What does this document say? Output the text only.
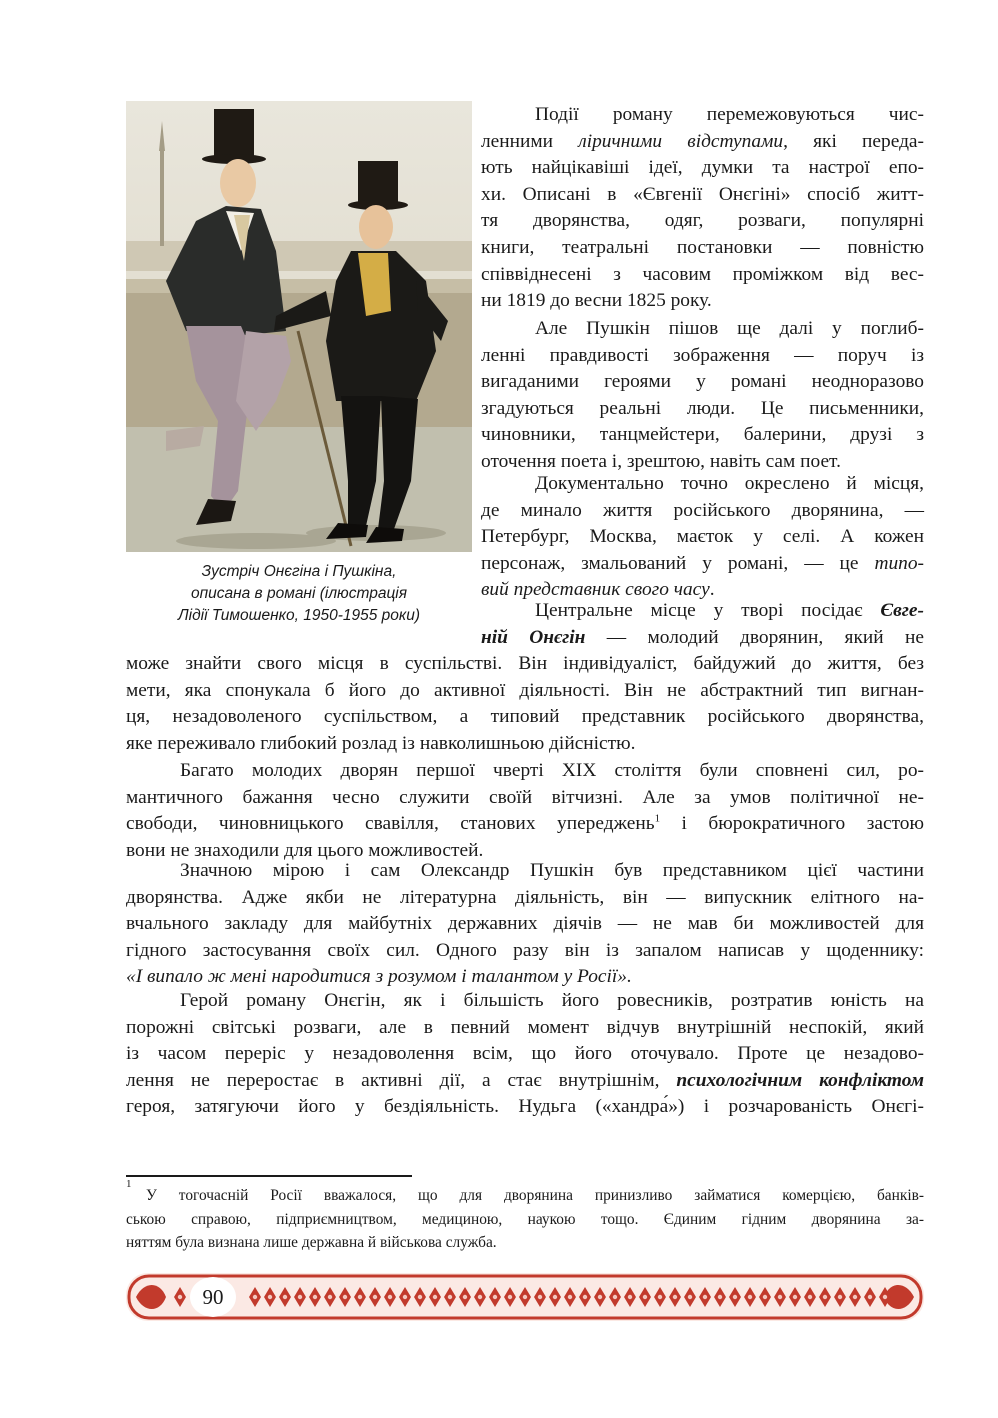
Зустріч Онєгіна і Пушкіна,
описана в романі (ілюстрація
Лідії Тимошенко, 1950-1955 роки)
Події роману перемежовуються чис-
ленними ліричними відступами, які переда-
ють найцікавіші ідеї, думки та настрої епо-
хи. Описані в «Євгенії Онєгіні» спосіб житт-
тя дворянства, одяг, розваги, популярні
книги, театральні постановки — повністю
співвіднесені з часовим проміжком від вес-
ни 1819 до весни 1825 року.
Але Пушкін пішов ще далі у поглиб-
ленні правдивості зображення — поруч із
вигаданими героями у романі неодноразово
згадуються реальні люди. Це письменники,
чиновники, танцмейстери, балерини, друзі з
оточення поета і, зрештою, навіть сам поет.
Документально точно окреслено й місця,
де минало життя російського дворянина, —
Петербург, Москва, маєток у селі. А кожен
персонаж, змальований у романі, — це типо-
вий представник свого часу.
Центральне місце у творі посідає Євге-
ній Онєгін — молодий дворянин, який не
може знайти свого місця в суспільстві. Він індивідуаліст, байдужий до життя, без
мети, яка спонукала б його до активної діяльності. Він не абстрактний тип вигнан-
ця, незадоволеного суспільством, а типовий представник російського дворянства,
яке переживало глибокий розлад із навколишньою дійсністю.
Багато молодих дворян першої чверті XIX століття були сповнені сил, ро-
мантичного бажання чесно служити своїй вітчизні. Але за умов політичної не-
свободи, чиновницького свавілля, станових упереджень$^1$ і бюрократичного застою
вони не знаходили для цього можливостей.
Значною мірою і сам Олександр Пушкін був представником цієї частини
дворянства. Адже якби не літературна діяльність, він — випускник елітного на-
вчального закладу для майбутніх державних діячів — не мав би можливостей для
гідного застосування своїх сил. Одного разу він із запалом написав у щоденнику:
«І випало ж мені народитися з розумом і талантом у Росії».
Герой роману Онєгін, як і більшість його ровесників, розтратив юність на
порожні світські розваги, але в певний момент відчув внутрішній неспокій, який
із часом переріс у незадоволення всім, що його оточувало. Проте це незадово-
лення не переростає в активні дії, а стає внутрішнім, психологічним конфліктом
героя, затягуючи його у бездіяльність. Нудьга («хандра́») і розчарованість Онєгі-
1
У тогочасній Росії вважалося, що для дворянина принизливо займатися комерцією, банків-
ською справою, підприємництвом, медициною, наукою тощо. Єдиним гідним дворянина за-
няттям була визнана лише державна й військова служба.
90
